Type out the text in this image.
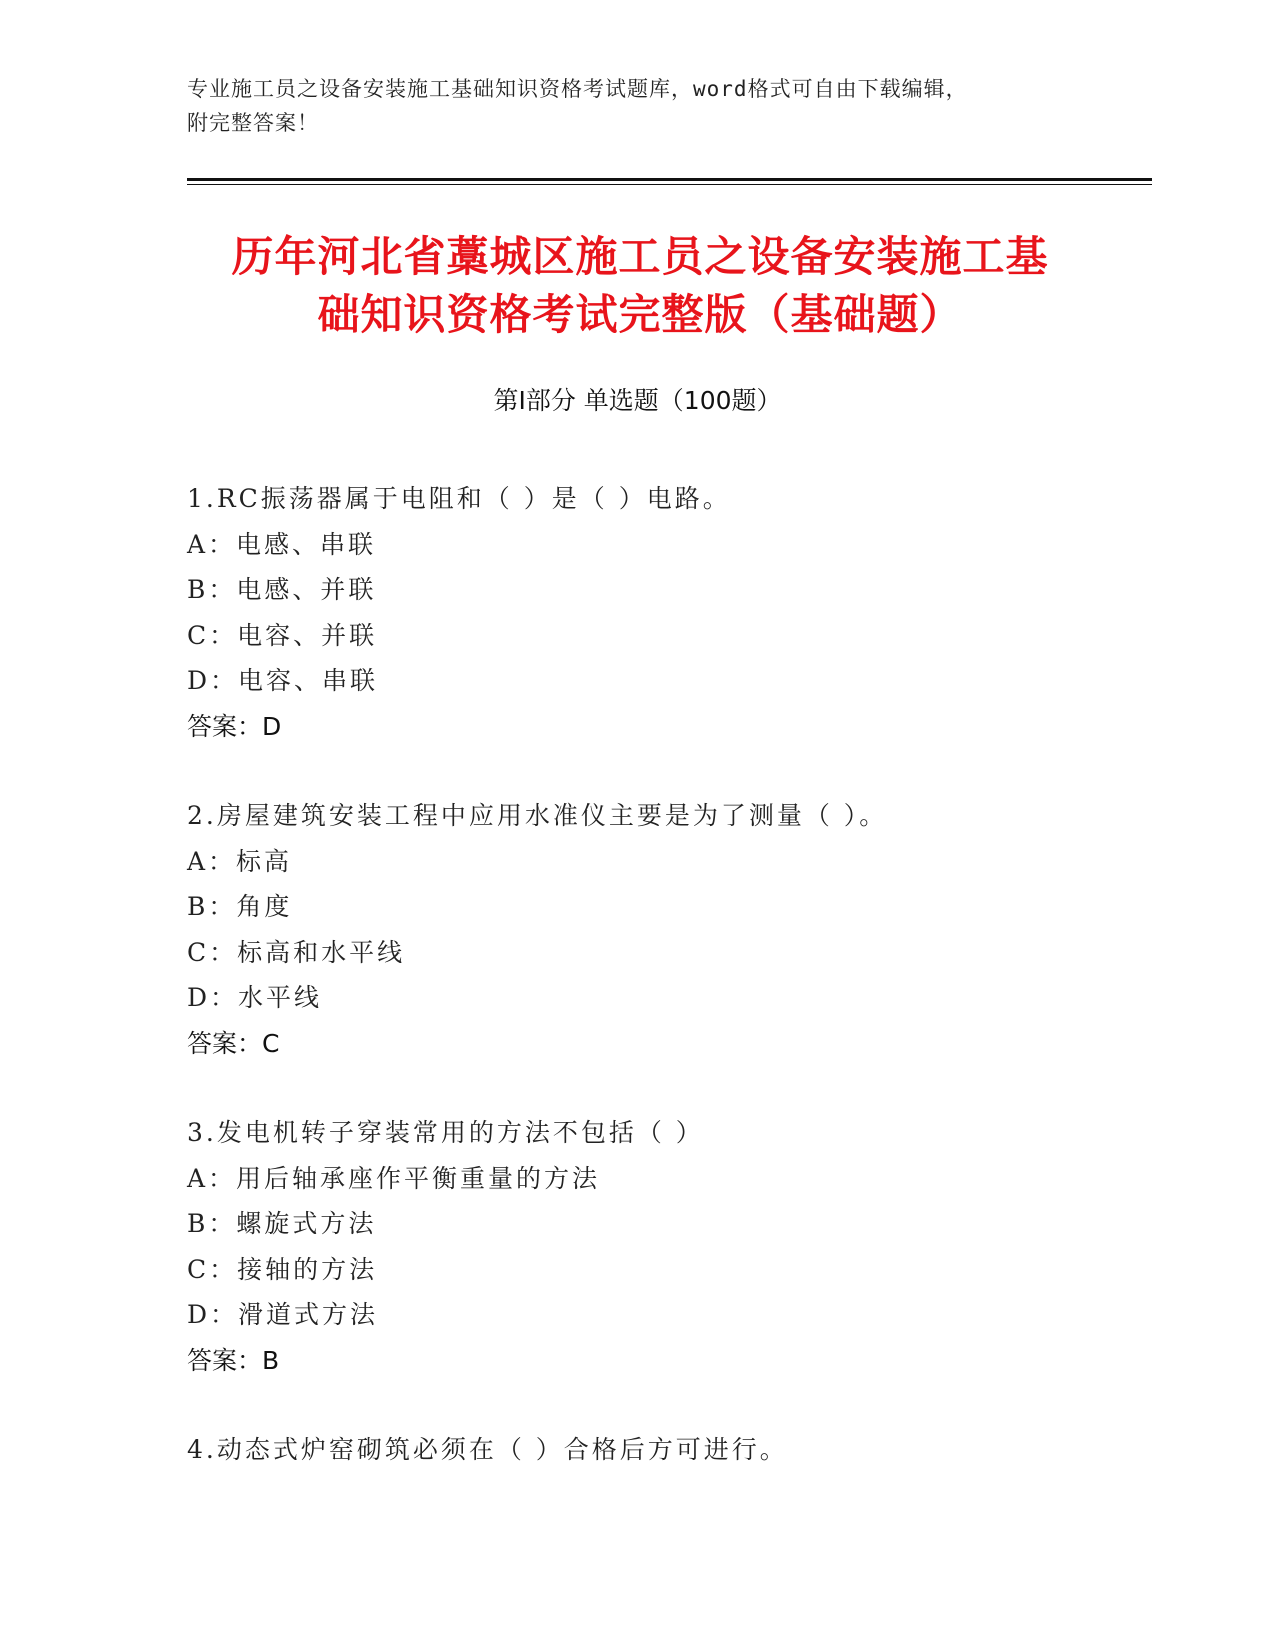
专业施工员之设备安装施工基础知识资格考试题库，word格式可自由下载编辑，
附完整答案！
历年河北省藁城区施工员之设备安装施工基
础知识资格考试完整版（基础题）
第Ⅰ部分 单选题（100题）
1.RC振荡器属于电阻和（ ）是（ ）电路。
A：电感、串联
B：电感、并联
C：电容、并联
D：电容、串联
答案：D
2.房屋建筑安装工程中应用水准仪主要是为了测量（ ）。
A：标高
B：角度
C：标高和水平线
D：水平线
答案：C
3.发电机转子穿装常用的方法不包括（ ）
A：用后轴承座作平衡重量的方法
B：螺旋式方法
C：接轴的方法
D：滑道式方法
答案：B
4.动态式炉窑砌筑必须在（ ）合格后方可进行。
